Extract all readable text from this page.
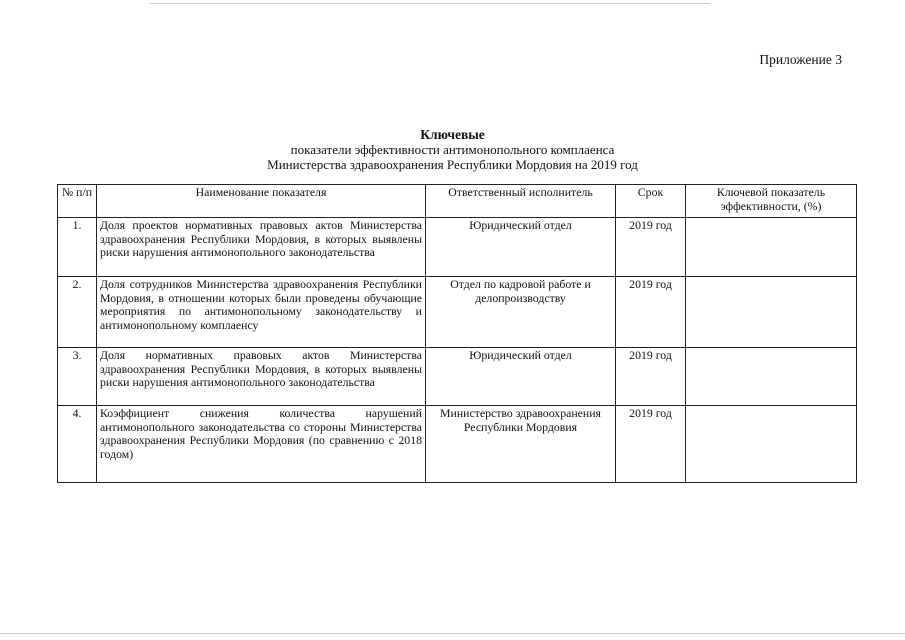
Приложение 3
Ключевые
показатели эффективности антимонопольного комплаенса
Министерства здравоохранения Республики Мордовия на 2019 год
№ п/п	Наименование показателя	Ответственный исполнитель	Срок	Ключевой показатель эффективности, (%)
1.	Доля проектов нормативных правовых актов Министерства здравоохранения Республики Мордовия, в которых выявлены риски нарушения антимонопольного законодательства	Юридический отдел	2019 год	
2.	Доля сотрудников Министерства здравоохранения Республики Мордовия, в отношении которых были проведены обучающие мероприятия по антимонопольному законодательству и антимонопольному комплаенсу	Отдел по кадровой работе и делопроизводству	2019 год	
3.	Доля нормативных правовых актов Министерства здравоохранения Республики Мордовия, в которых выявлены риски нарушения антимонопольного законодательства	Юридический отдел	2019 год	
4.	Коэффициент снижения количества нарушений антимонопольного законодательства со стороны Министерства здравоохранения Республики Мордовия (по сравнению с 2018 годом)	Министерство здравоохранения Республики Мордовия	2019 год	
